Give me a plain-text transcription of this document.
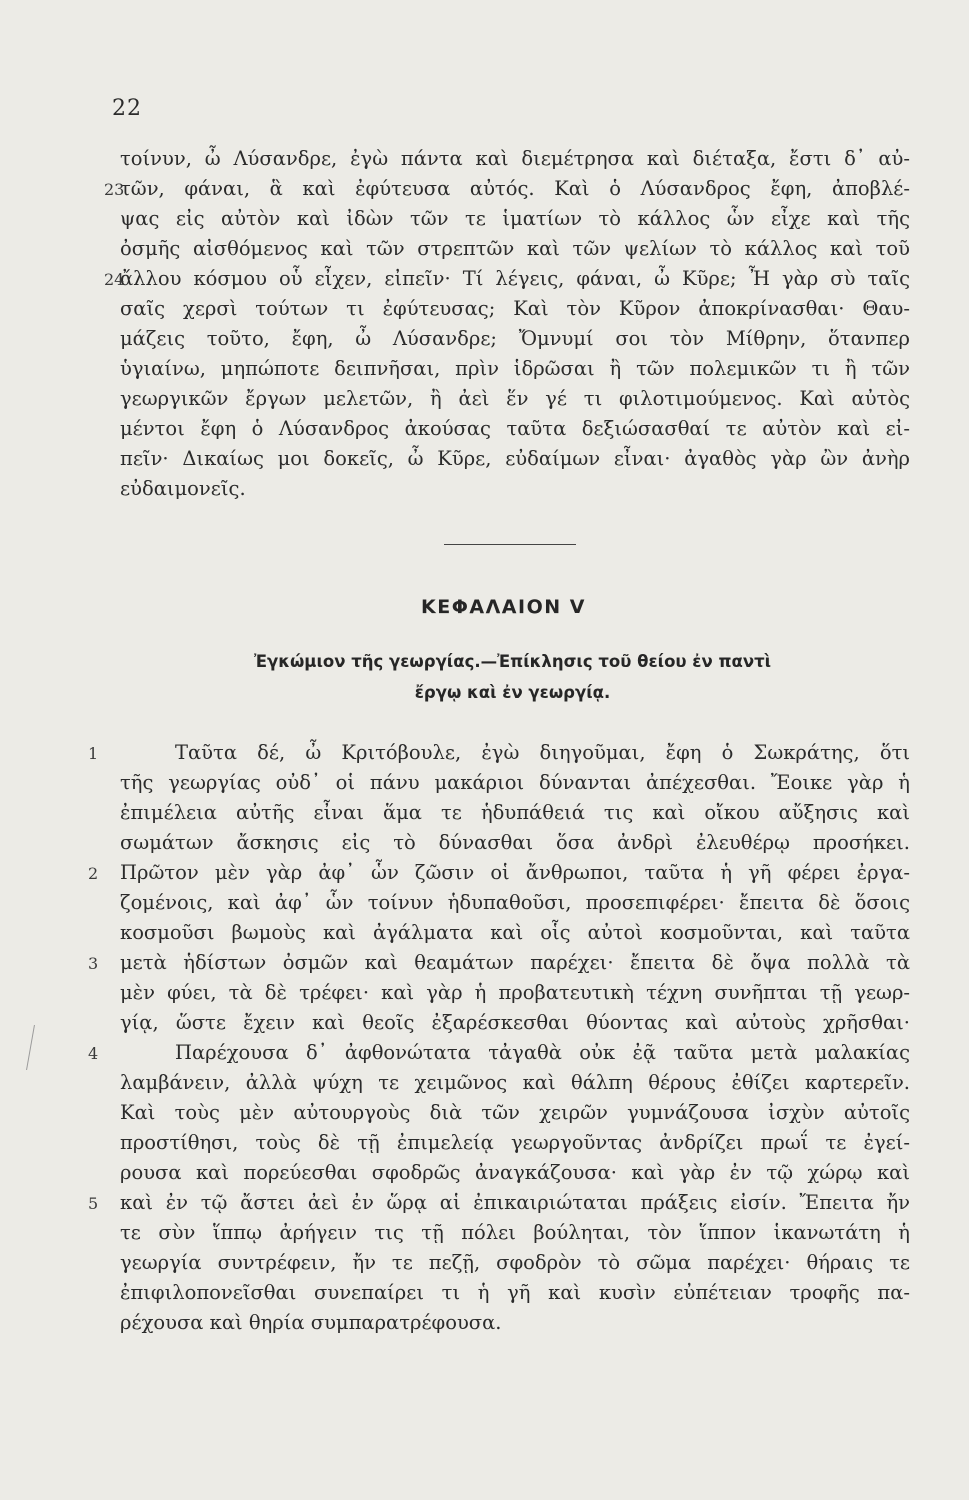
22
τοίνυν, ὦ Λύσανδρε, ἐγὼ πάντα καὶ διεμέτρησα καὶ διέταξα, ἔστι δ᾿ αὐ-
τῶν, φάναι, ἃ καὶ ἐφύτευσα αὐτός. Καὶ ὁ Λύσανδρος ἔφη, ἀποβλέ-
ψας εἰς αὐτὸν καὶ ἰδὼν τῶν τε ἱματίων τὸ κάλλος ὧν εἶχε καὶ τῆς
ὀσμῆς αἰσθόμενος καὶ τῶν στρεπτῶν καὶ τῶν ψελίων τὸ κάλλος καὶ τοῦ
ἄλλου κόσμου οὗ εἶχεν, εἰπεῖν· Τί λέγεις, φάναι, ὦ Κῦρε; Ἦ γὰρ σὺ ταῖς
σαῖς χερσὶ τούτων τι ἐφύτευσας; Καὶ τὸν Κῦρον ἀποκρίνασθαι· Θαυ-
μάζεις τοῦτο, ἔφη, ὦ Λύσανδρε; Ὄμνυμί σοι τὸν Μίθρην, ὅτανπερ
ὑγιαίνω, μηπώποτε δειπνῆσαι, πρὶν ἱδρῶσαι ἢ τῶν πολεμικῶν τι ἢ τῶν
γεωργικῶν ἔργων μελετῶν, ἢ ἀεὶ ἕν γέ τι φιλοτιμούμενος. Καὶ αὐτὸς
μέντοι ἔφη ὁ Λύσανδρος ἀκούσας ταῦτα δεξιώσασθαί τε αὐτὸν καὶ εἰ-
πεῖν· Δικαίως μοι δοκεῖς, ὦ Κῦρε, εὐδαίμων εἶναι· ἀγαθὸς γὰρ ὢν ἀνὴρ
εὐδαιμονεῖς.
23
24
ΚΕΦΑΛΑΙΟΝ V
Ἐγκώμιον τῆς γεωργίας.—Ἐπίκλησις τοῦ θείου ἐν παντὶ
ἔργῳ καὶ ἐν γεωργίᾳ.
Ταῦτα δέ, ὦ Κριτόβουλε, ἐγὼ διηγοῦμαι, ἔφη ὁ Σωκράτης, ὅτι
τῆς γεωργίας οὐδ᾿ οἱ πάνυ μακάριοι δύνανται ἀπέχεσθαι. Ἔοικε γὰρ ἡ
ἐπιμέλεια αὐτῆς εἶναι ἅμα τε ἡδυπάθειά τις καὶ οἴκου αὔξησις καὶ
σωμάτων ἄσκησις εἰς τὸ δύνασθαι ὅσα ἀνδρὶ ἐλευθέρῳ προσήκει.
Πρῶτον μὲν γὰρ ἀφ᾿ ὧν ζῶσιν οἱ ἄνθρωποι, ταῦτα ἡ γῆ φέρει ἐργα-
ζομένοις, καὶ ἀφ᾿ ὧν τοίνυν ἡδυπαθοῦσι, προσεπιφέρει· ἔπειτα δὲ ὅσοις
κοσμοῦσι βωμοὺς καὶ ἀγάλματα καὶ οἷς αὐτοὶ κοσμοῦνται, καὶ ταῦτα
μετὰ ἡδίστων ὀσμῶν καὶ θεαμάτων παρέχει· ἔπειτα δὲ ὄψα πολλὰ τὰ
μὲν φύει, τὰ δὲ τρέφει· καὶ γὰρ ἡ προβατευτικὴ τέχνη συνῆπται τῇ γεωρ-
γίᾳ, ὥστε ἔχειν καὶ θεοῖς ἐξαρέσκεσθαι θύοντας καὶ αὐτοὺς χρῆσθαι·
Παρέχουσα δ᾿ ἀφθονώτατα τἀγαθὰ οὐκ ἐᾷ ταῦτα μετὰ μαλακίας
λαμβάνειν, ἀλλὰ ψύχη τε χειμῶνος καὶ θάλπη θέρους ἐθίζει καρτερεῖν.
Καὶ τοὺς μὲν αὐτουργοὺς διὰ τῶν χειρῶν γυμνάζουσα ἰσχὺν αὐτοῖς
προστίθησι, τοὺς δὲ τῇ ἐπιμελείᾳ γεωργοῦντας ἀνδρίζει πρωΐ τε ἐγεί-
ρουσα καὶ πορεύεσθαι σφοδρῶς ἀναγκάζουσα· καὶ γὰρ ἐν τῷ χώρῳ καὶ
καὶ ἐν τῷ ἄστει ἀεὶ ἐν ὥρᾳ αἱ ἐπικαιριώταται πράξεις εἰσίν. Ἔπειτα ἤν
τε σὺν ἵππῳ ἀρήγειν τις τῇ πόλει βούληται, τὸν ἵππον ἱκανωτάτη ἡ
γεωργία συντρέφειν, ἤν τε πεζῇ, σφοδρὸν τὸ σῶμα παρέχει· θήραις τε
ἐπιφιλοπονεῖσθαι συνεπαίρει τι ἡ γῆ καὶ κυσὶν εὐπέτειαν τροφῆς πα-
ρέχουσα καὶ θηρία συμπαρατρέφουσα.
1
2
3
4
5
